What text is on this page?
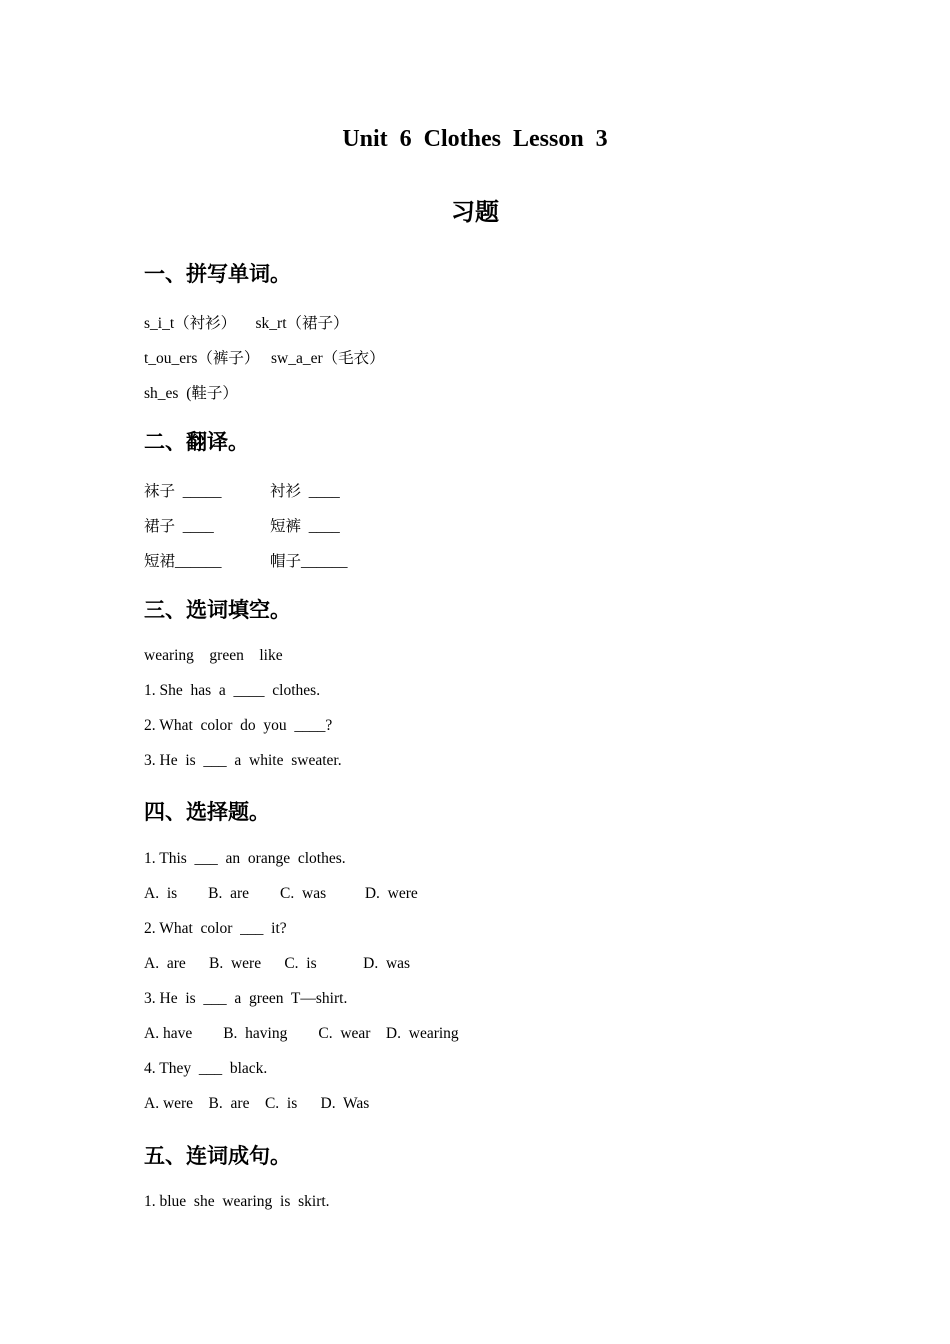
Unit 6 Clothes Lesson 3
习题
一、拼写单词。
s_i_t（衬衫）     sk_rt（裙子）
t_ou_ers（裤子）   sw_a_er（毛衣）
sh_es  (鞋子）
二、翻译。
袜子  _____	衬衫  ____
裙子  ____	短裤  ____
短裙______	帽子______
三、选词填空。
wearing    green    like
1. She  has  a  ____  clothes.
2. What  color  do  you  ____?
3. He  is  ___  a  white  sweater.
四、选择题。
1. This  ___  an  orange  clothes.
A.  is        B.  are        C.  was          D.  were
2. What  color  ___  it?
A.  are      B.  were      C.  is            D.  was
3. He  is  ___  a  green  T—shirt.
A. have        B.  having        C.  wear    D.  wearing
4. They  ___  black.
A. were    B.  are    C.  is      D.  Was
五、连词成句。
1. blue  she  wearing  is  skirt.
